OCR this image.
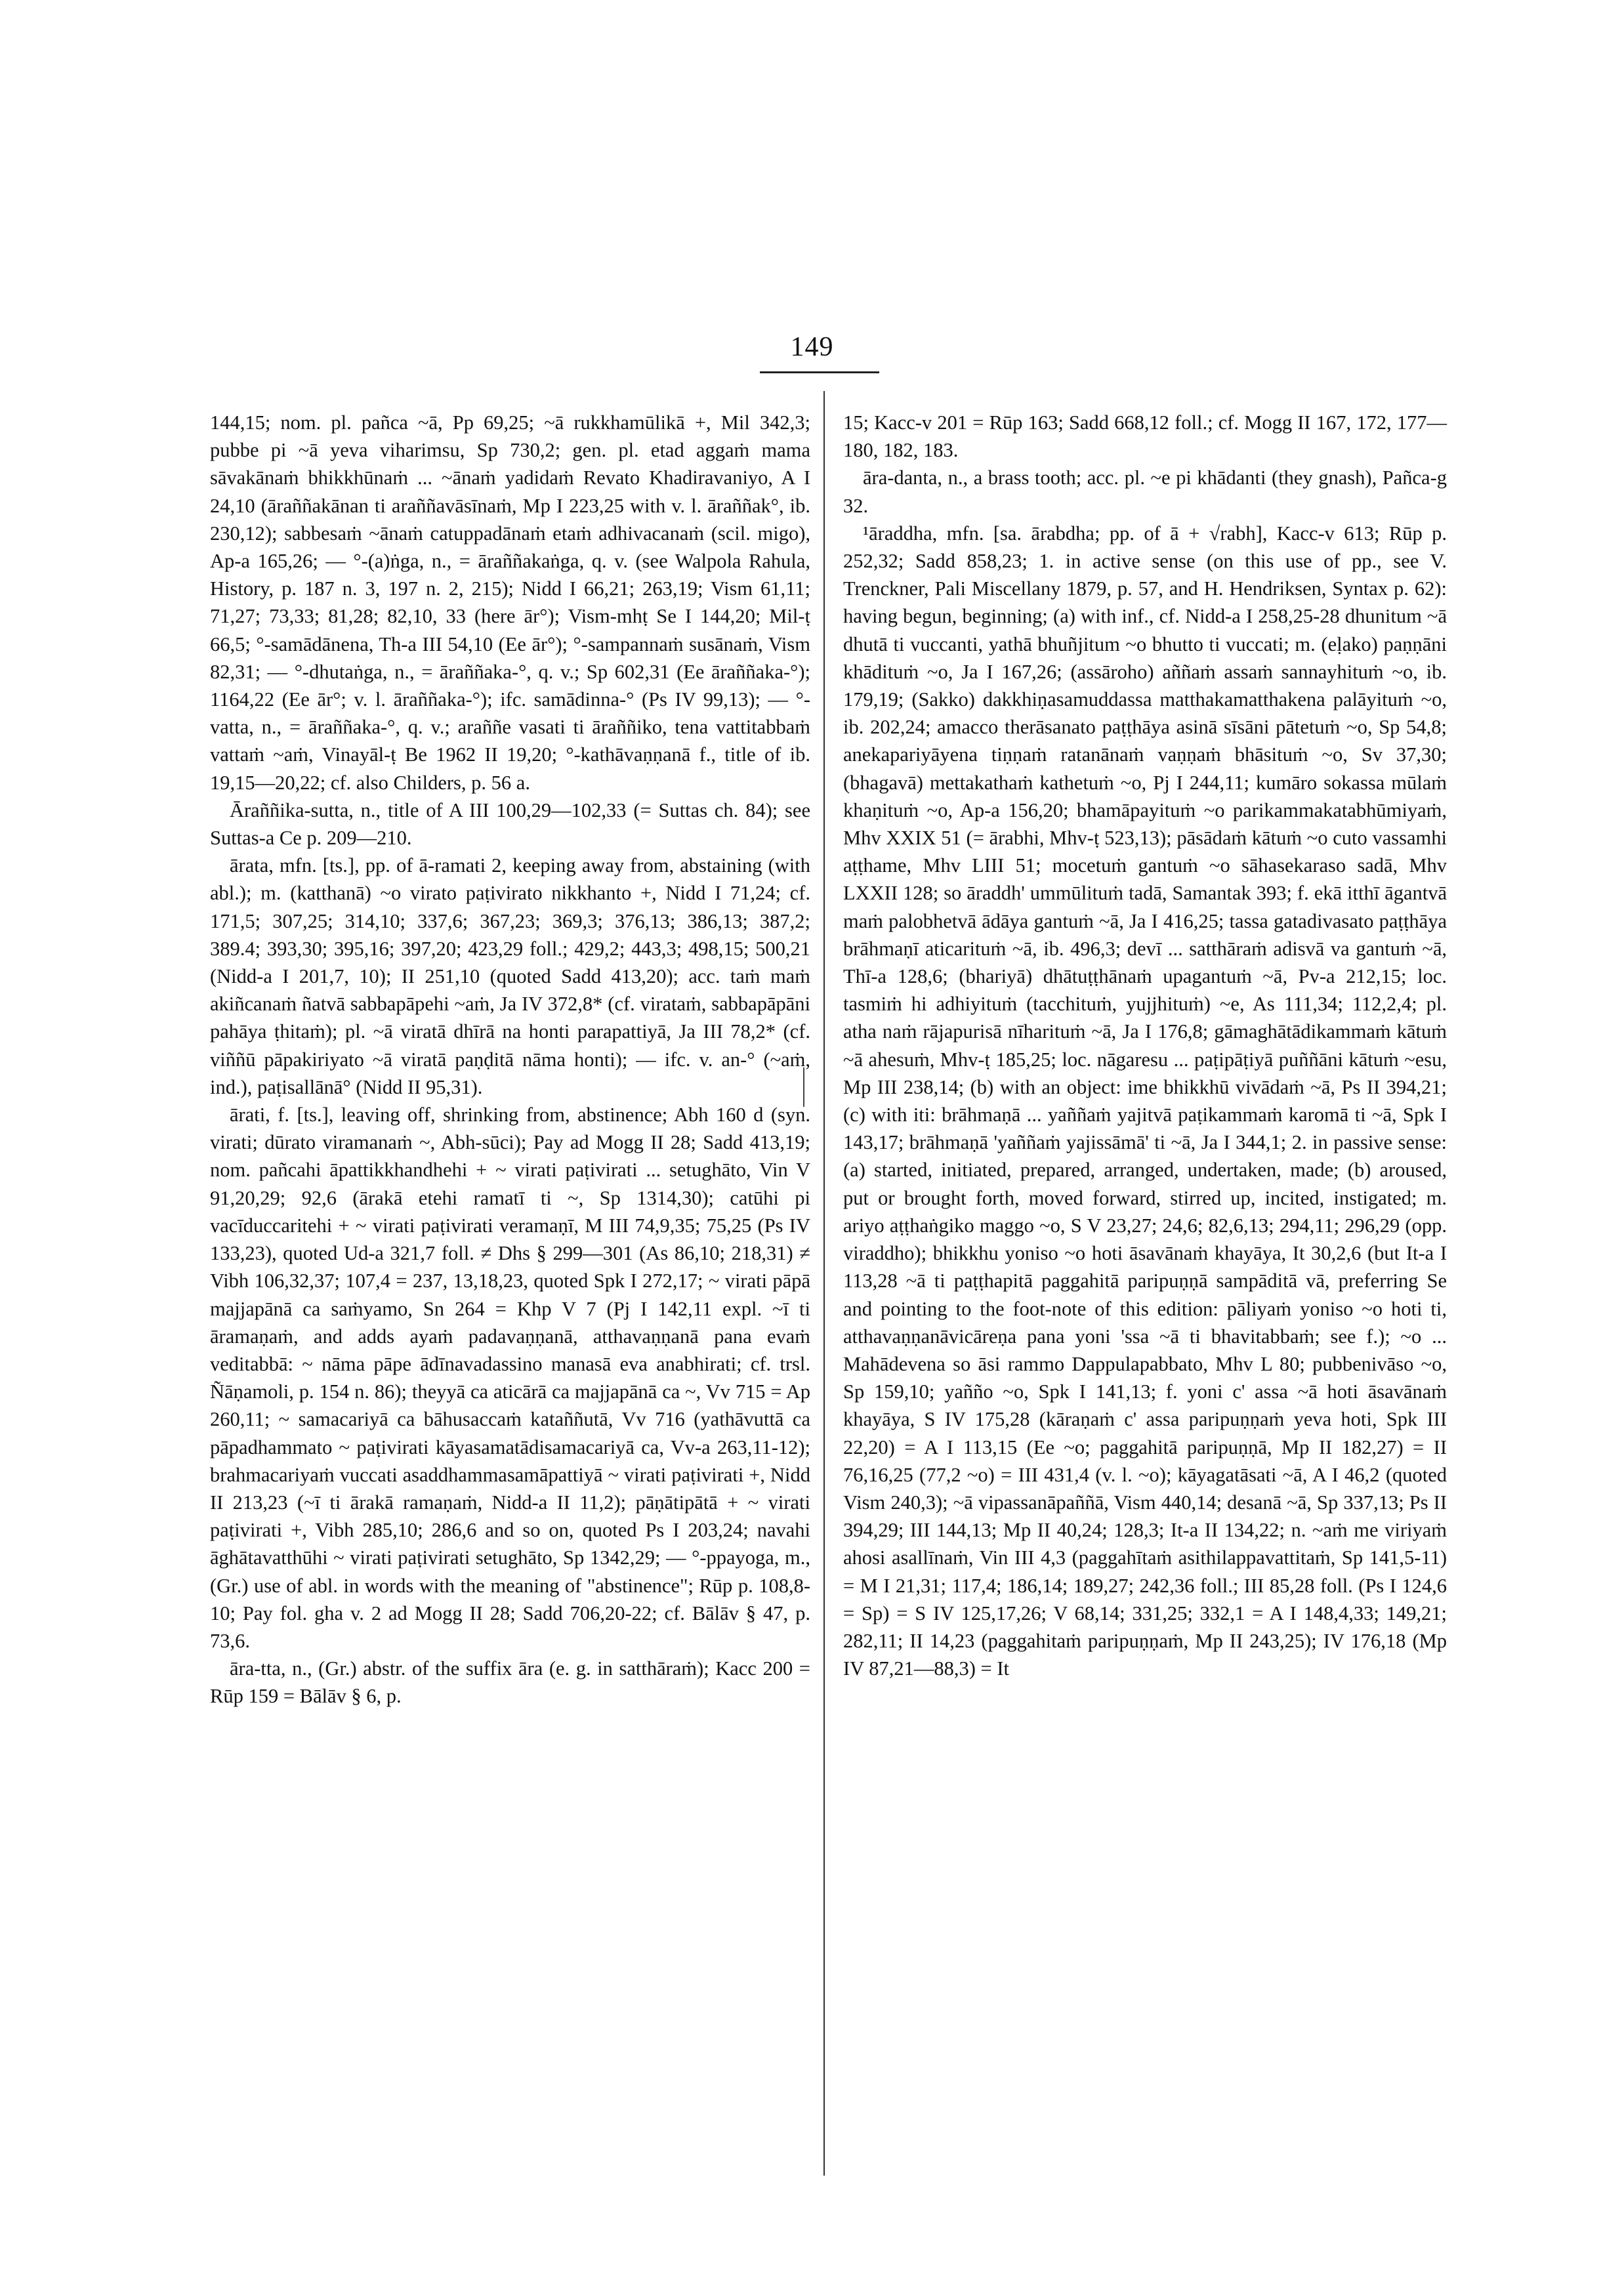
149

144,15; nom. pl. pañca ~ā, Pp 69,25; ~ā rukkhamūlikā +, Mil 342,3; pubbe pi ~ā yeva viharimsu, Sp 730,2; gen. pl. etad aggaṁ mama sāvakānaṁ bhikkhūnaṁ ... ~ānaṁ yadidaṁ Revato Khadiravaniyo, A I 24,10 (āraññakānan ti araññavāsīnaṁ, Mp I 223,25 with v. l. āraññak°, ib. 230,12); sabbesaṁ ~ānaṁ catuppadānaṁ etaṁ adhivacanaṁ (scil. migo), Ap-a 165,26; — °-(a)ṅga, n., = āraññakaṅga, q. v. (see Walpola Rahula, History, p. 187 n. 3, 197 n. 2, 215); Nidd I 66,21; 263,19; Vism 61,11; 71,27; 73,33; 81,28; 82,10, 33 (here ār°); Vism-mhṭ Se I 144,20; Mil-ṭ 66,5; °-samādānena, Th-a III 54,10 (Ee ār°); °-sampannaṁ susānaṁ, Vism 82,31; — °-dhutaṅga, n., = āraññaka-°, q. v.; Sp 602,31 (Ee āraññaka-°); 1164,22 (Ee ār°; v. l. āraññaka-°); ifc. samādinna-° (Ps IV 99,13); — °-vatta, n., = āraññaka-°, q. v.; araññe vasati ti āraññiko, tena vattitabbaṁ vattaṁ ~aṁ, Vinayāl-ṭ Be 1962 II 19,20; °-kathāvaṇṇanā f., title of ib. 19,15—20,22; cf. also Childers, p. 56 a.

Āraññika-sutta, n., title of A III 100,29—102,33 (= Suttas ch. 84); see Suttas-a Ce p. 209—210.

ārata, mfn. [ts.], pp. of ā-ramati 2, keeping away from, abstaining (with abl.); m. (katthanā) ~o virato paṭivirato nikkhanto +, Nidd I 71,24; cf. 171,5; 307,25; 314,10; 337,6; 367,23; 369,3; 376,13; 386,13; 387,2; 389.4; 393,30; 395,16; 397,20; 423,29 foll.; 429,2; 443,3; 498,15; 500,21 (Nidd-a I 201,7, 10); II 251,10 (quoted Sadd 413,20); acc. taṁ maṁ akiñcanaṁ ñatvā sabbapāpehi ~aṁ, Ja IV 372,8* (cf. virataṁ, sabbapāpāni pahāya ṭhitaṁ); pl. ~ā viratā dhīrā na honti parapattiyā, Ja III 78,2* (cf. viññū pāpakiriyato ~ā viratā paṇḍitā nāma honti); — ifc. v. an-° (~aṁ, ind.), paṭisallānā° (Nidd II 95,31).

ārati, f. [ts.], leaving off, shrinking from, abstinence; Abh 160 d (syn. virati; dūrato viramanaṁ ~, Abh-sūci); Pay ad Mogg II 28; Sadd 413,19; nom. pañcahi āpattikkhandhehi + ~ virati paṭivirati ... setughāto, Vin V 91,20,29; 92,6 (ārakā etehi ramatī ti ~, Sp 1314,30); catūhi pi vacīduccaritehi + ~ virati paṭivirati veramaṇī, M III 74,9,35; 75,25 (Ps IV 133,23), quoted Ud-a 321,7 foll. ≠ Dhs § 299—301 (As 86,10; 218,31) ≠ Vibh 106,32,37; 107,4 = 237, 13,18,23, quoted Spk I 272,17; ~ virati pāpā majjapānā ca saṁyamo, Sn 264 = Khp V 7 (Pj I 142,11 expl. ~ī ti āramaṇaṁ, and adds ayaṁ padavaṇṇanā, atthavaṇṇanā pana evaṁ veditabbā: ~ nāma pāpe ādīnavadassino manasā eva anabhirati; cf. trsl. Ñāṇamoli, p. 154 n. 86); theyyā ca aticārā ca majjapānā ca ~, Vv 715 = Ap 260,11; ~ samacariyā ca bāhusaccaṁ kataññutā, Vv 716 (yathāvuttā ca pāpadhammato ~ paṭivirati kāyasamatādisamacariyā ca, Vv-a 263,11-12); brahmacariyaṁ vuccati asaddhammasamāpattiyā ~ virati paṭivirati +, Nidd II 213,23 (~ī ti ārakā ramaṇaṁ, Nidd-a II 11,2); pāṇātipātā + ~ virati paṭivirati +, Vibh 285,10; 286,6 and so on, quoted Ps I 203,24; navahi āghātavatthūhi ~ virati paṭivirati setughāto, Sp 1342,29; — °-ppayoga, m., (Gr.) use of abl. in words with the meaning of "abstinence"; Rūp p. 108,8-10; Pay fol. gha v. 2 ad Mogg II 28; Sadd 706,20-22; cf. Bālāv § 47, p. 73,6.

āra-tta, n., (Gr.) abstr. of the suffix āra (e. g. in satthāraṁ); Kacc 200 = Rūp 159 = Bālāv § 6, p.

15; Kacc-v 201 = Rūp 163; Sadd 668,12 foll.; cf. Mogg II 167, 172, 177—180, 182, 183.

āra-danta, n., a brass tooth; acc. pl. ~e pi khādanti (they gnash), Pañca-g 32.

¹āraddha, mfn. [sa. ārabdha; pp. of ā + √rabh], Kacc-v 613; Rūp p. 252,32; Sadd 858,23; 1. in active sense (on this use of pp., see V. Trenckner, Pali Miscellany 1879, p. 57, and H. Hendriksen, Syntax p. 62): having begun, beginning; (a) with inf., cf. Nidd-a I 258,25-28 dhunitum ~ā dhutā ti vuccanti, yathā bhuñjitum ~o bhutto ti vuccati; m. (eḷako) paṇṇāni khādituṁ ~o, Ja I 167,26; (assāroho) aññaṁ assaṁ sannayhituṁ ~o, ib. 179,19; (Sakko) dakkhiṇasamuddassa matthakamatthakena palāyituṁ ~o, ib. 202,24; amacco therāsanato paṭṭhāya asinā sīsāni pātetuṁ ~o, Sp 54,8; anekapariyāyena tiṇṇaṁ ratanānaṁ vaṇṇaṁ bhāsituṁ ~o, Sv 37,30; (bhagavā) mettakathaṁ kathetuṁ ~o, Pj I 244,11; kumāro sokassa mūlaṁ khaṇituṁ ~o, Ap-a 156,20; bhamāpayituṁ ~o parikammakatabhūmiyaṁ, Mhv XXIX 51 (= ārabhi, Mhv-ṭ 523,13); pāsādaṁ kātuṁ ~o cuto vassamhi aṭṭhame, Mhv LIII 51; mocetuṁ gantuṁ ~o sāhasekaraso sadā, Mhv LXXII 128; so āraddh' ummūlituṁ tadā, Samantak 393; f. ekā itthī āgantvā maṁ palobhetvā ādāya gantuṁ ~ā, Ja I 416,25; tassa gatadivasato paṭṭhāya brāhmaṇī aticarituṁ ~ā, ib. 496,3; devī ... satthāraṁ adisvā va gantuṁ ~ā, Thī-a 128,6; (bhariyā) dhātuṭṭhānaṁ upagantuṁ ~ā, Pv-a 212,15; loc. tasmiṁ hi adhiyituṁ (tacchituṁ, yujjhituṁ) ~e, As 111,34; 112,2,4; pl. atha naṁ rājapurisā nīharituṁ ~ā, Ja I 176,8; gāmaghātādikammaṁ kātuṁ ~ā ahesuṁ, Mhv-ṭ 185,25; loc. nāgaresu ... paṭipāṭiyā puññāni kātuṁ ~esu, Mp III 238,14; (b) with an object: ime bhikkhū vivādaṁ ~ā, Ps II 394,21; (c) with iti: brāhmaṇā ... yaññaṁ yajitvā paṭikammaṁ karomā ti ~ā, Spk I 143,17; brāhmaṇā 'yaññaṁ yajissāmā' ti ~ā, Ja I 344,1; 2. in passive sense: (a) started, initiated, prepared, arranged, undertaken, made; (b) aroused, put or brought forth, moved forward, stirred up, incited, instigated; m. ariyo aṭṭhaṅgiko maggo ~o, S V 23,27; 24,6; 82,6,13; 294,11; 296,29 (opp. viraddho); bhikkhu yoniso ~o hoti āsavānaṁ khayāya, It 30,2,6 (but It-a I 113,28 ~ā ti paṭṭhapitā paggahitā paripuṇṇā sampāditā vā, preferring Se and pointing to the foot-note of this edition: pāliyaṁ yoniso ~o hoti ti, atthavaṇṇanāvicāreṇa pana yoni 'ssa ~ā ti bhavitabbaṁ; see f.); ~o ... Mahādevena so āsi rammo Dappulapabbato, Mhv L 80; pubbenivāso ~o, Sp 159,10; yañño ~o, Spk I 141,13; f. yoni c' assa ~ā hoti āsavānaṁ khayāya, S IV 175,28 (kāraṇaṁ c' assa paripuṇṇaṁ yeva hoti, Spk III 22,20) = A I 113,15 (Ee ~o; paggahitā paripuṇṇā, Mp II 182,27) = II 76,16,25 (77,2 ~o) = III 431,4 (v. l. ~o); kāyagatāsati ~ā, A I 46,2 (quoted Vism 240,3); ~ā vipassanāpaññā, Vism 440,14; desanā ~ā, Sp 337,13; Ps II 394,29; III 144,13; Mp II 40,24; 128,3; It-a II 134,22; n. ~aṁ me viriyaṁ ahosi asallīnaṁ, Vin III 4,3 (paggahītaṁ asithilappavattitaṁ, Sp 141,5-11) = M I 21,31; 117,4; 186,14; 189,27; 242,36 foll.; III 85,28 foll. (Ps I 124,6 = Sp) = S IV 125,17,26; V 68,14; 331,25; 332,1 = A I 148,4,33; 149,21; 282,11; II 14,23 (paggahitaṁ paripuṇṇaṁ, Mp II 243,25); IV 176,18 (Mp IV 87,21—88,3) = It
